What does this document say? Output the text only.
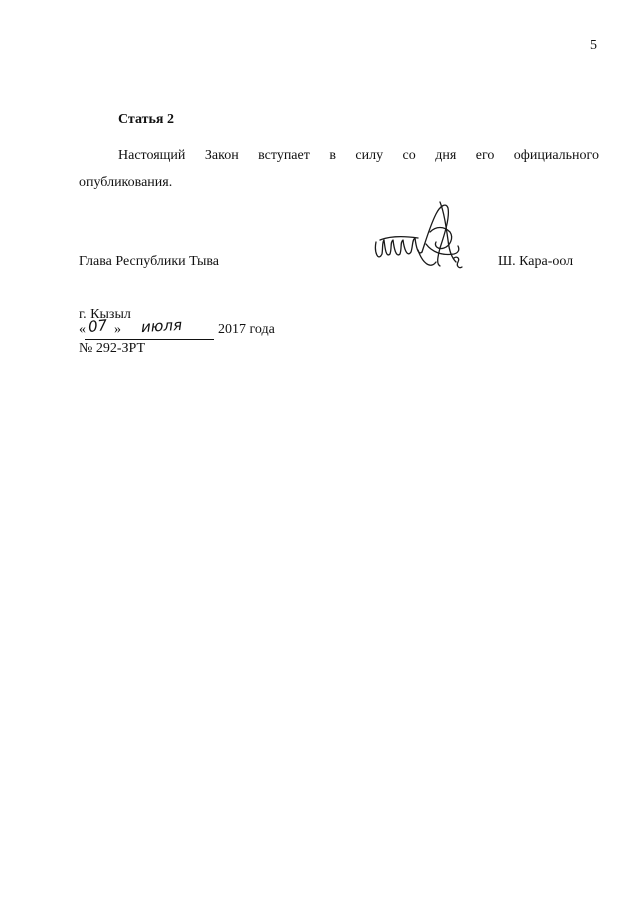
5
Статья 2
Настоящий Закон вступает в силу со дня его официального
опубликования.
Глава Республики Тыва	Ш. Кара-оол
г. Кызыл
« 07 » июля	2017 года
№ 292-ЗРТ
